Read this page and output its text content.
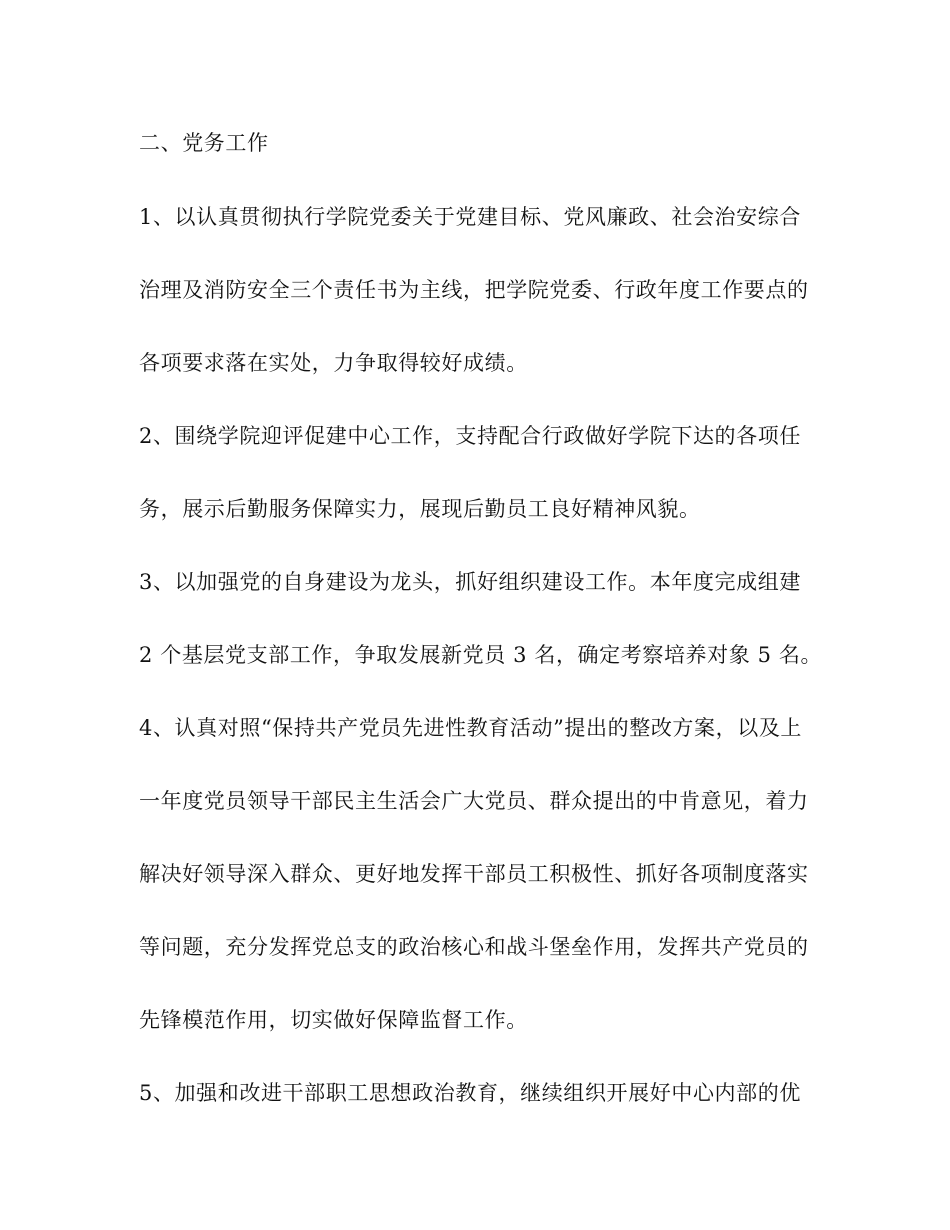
二、党务工作
1、以认真贯彻执行学院党委关于党建目标、党风廉政、社会治安综合
治理及消防安全三个责任书为主线，把学院党委、行政年度工作要点的
各项要求落在实处，力争取得较好成绩。
2、围绕学院迎评促建中心工作，支持配合行政做好学院下达的各项任
务，展示后勤服务保障实力，展现后勤员工良好精神风貌。
3、以加强党的自身建设为龙头，抓好组织建设工作。本年度完成组建
2 个基层党支部工作，争取发展新党员 3 名，确定考察培养对象 5 名。
4、认真对照“保持共产党员先进性教育活动”提出的整改方案，以及上
一年度党员领导干部民主生活会广大党员、群众提出的中肯意见，着力
解决好领导深入群众、更好地发挥干部员工积极性、抓好各项制度落实
等问题，充分发挥党总支的政治核心和战斗堡垒作用，发挥共产党员的
先锋模范作用，切实做好保障监督工作。
5、加强和改进干部职工思想政治教育，继续组织开展好中心内部的优
